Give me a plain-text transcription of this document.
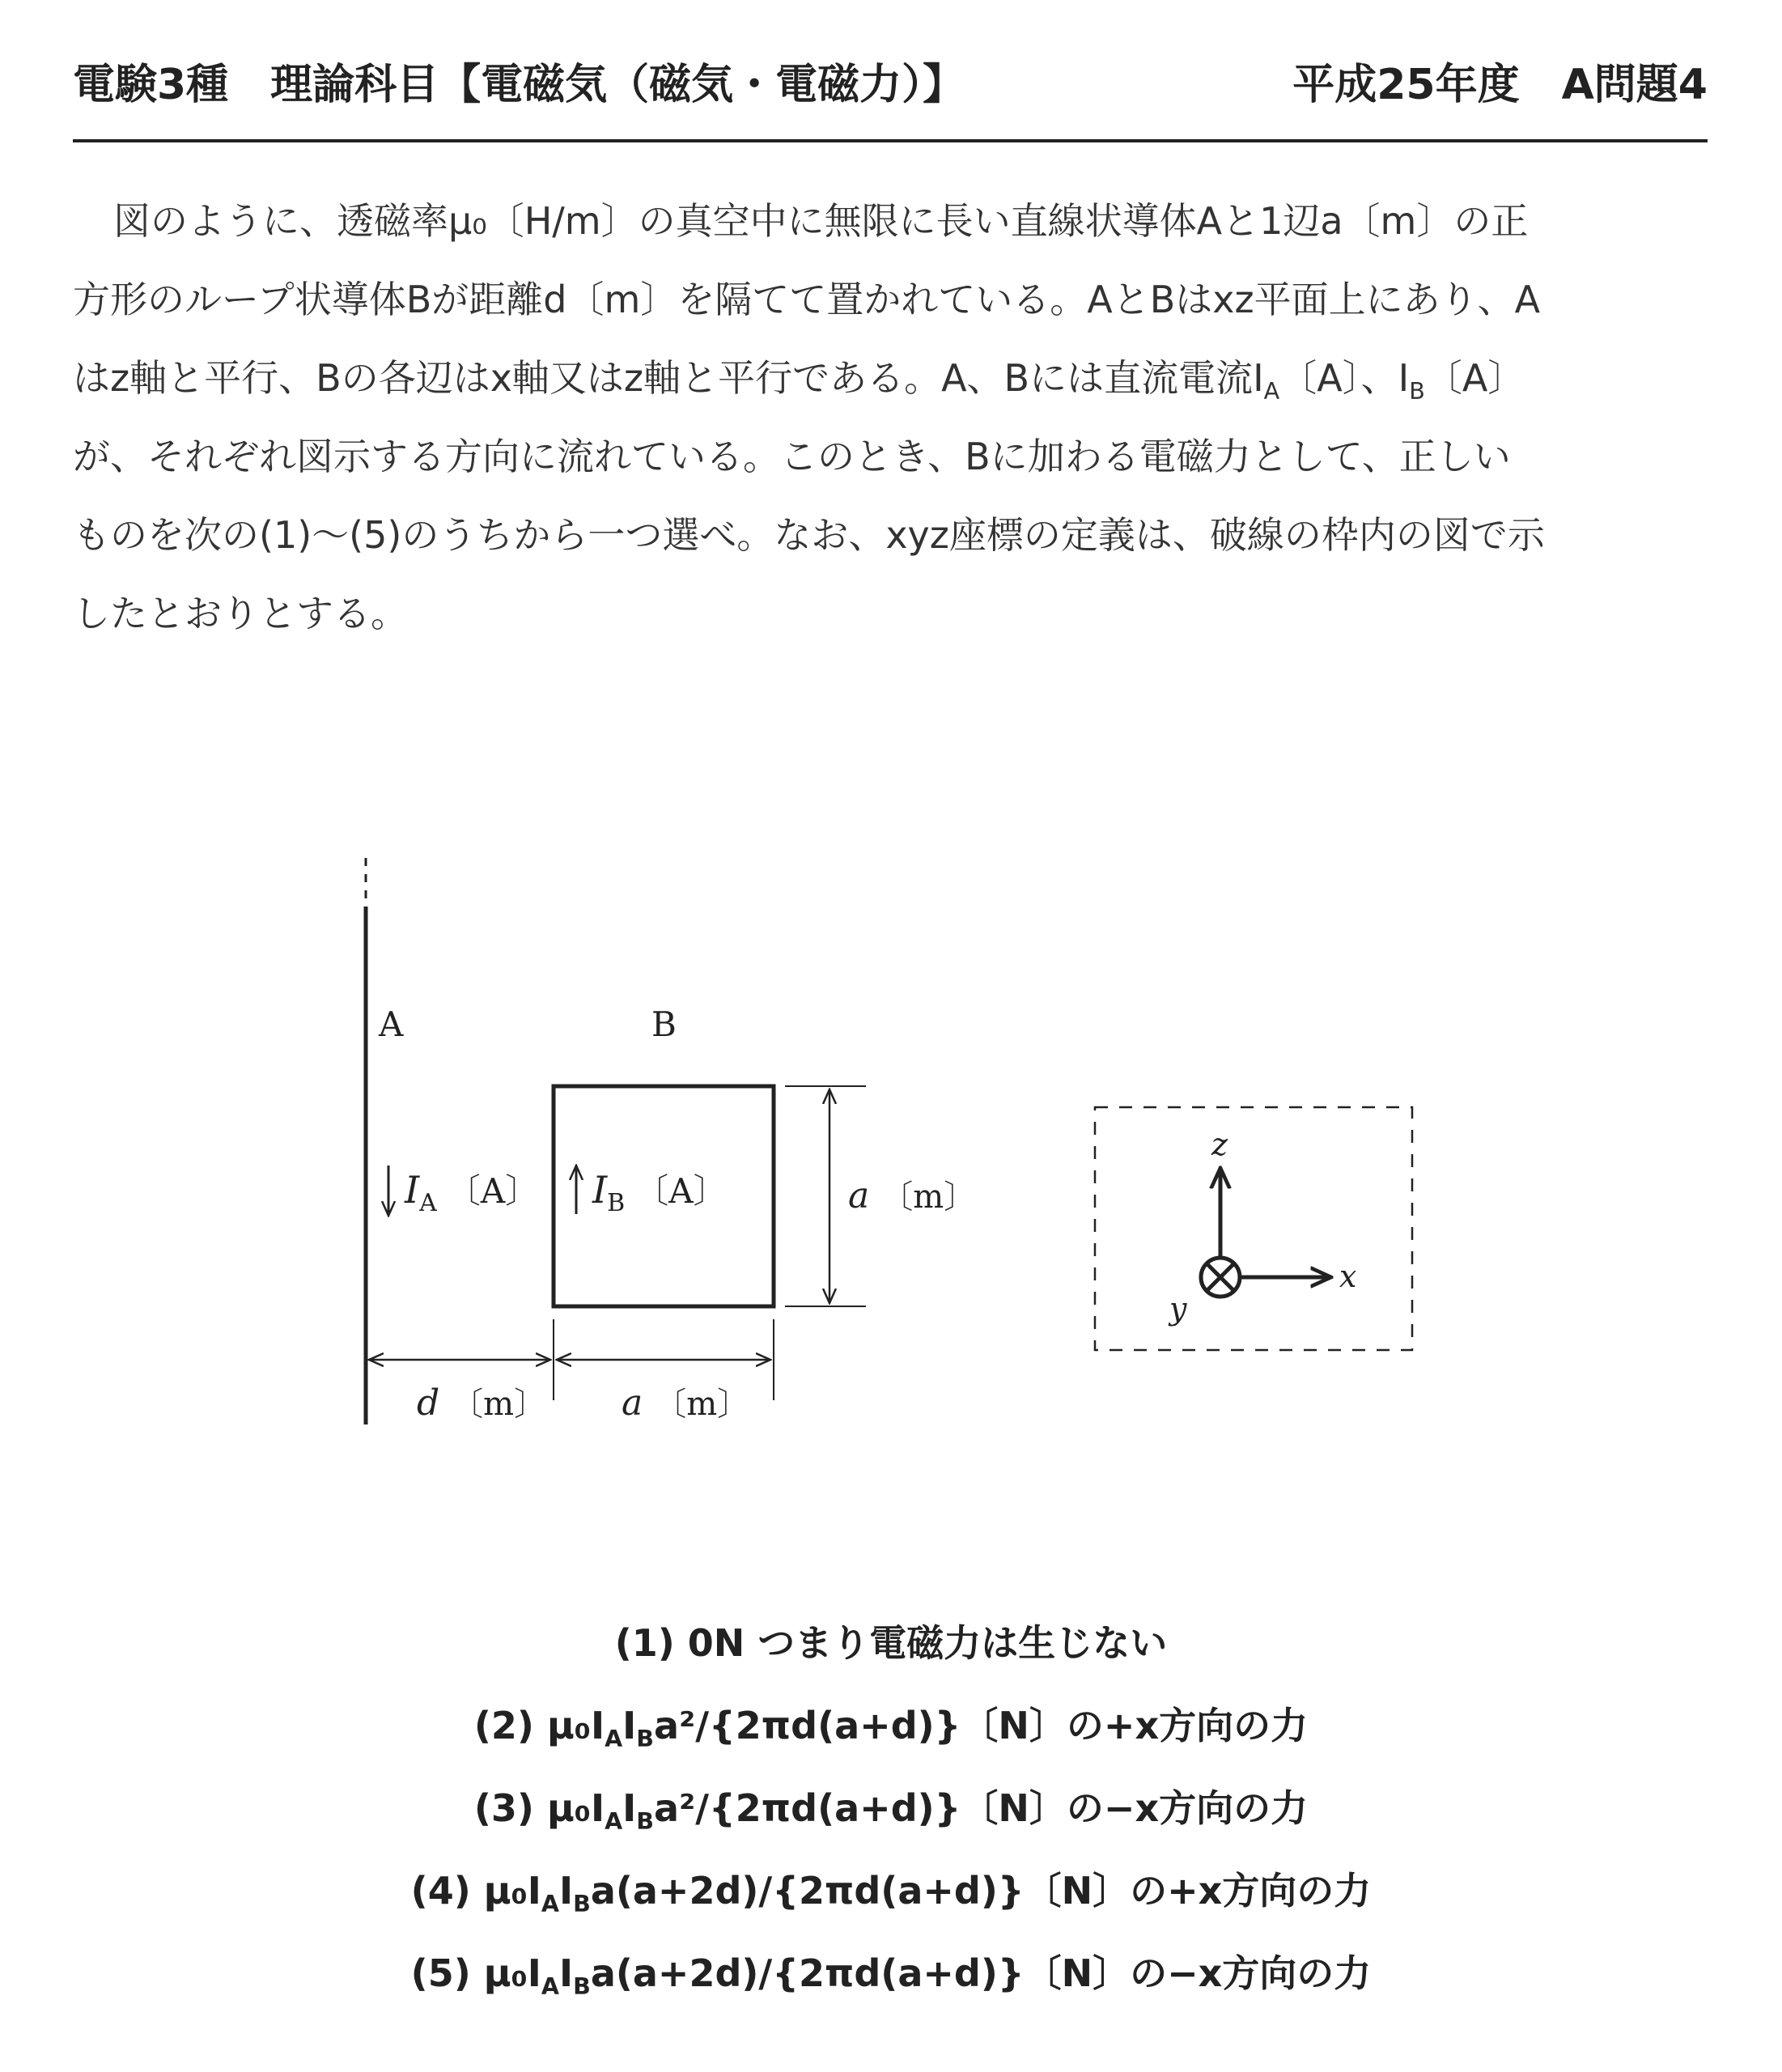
電験3種　理論科目【電磁気（磁気・電磁力）】	平成25年度　A問題4

図のように、透磁率μ₀〔H/m〕の真空中に無限に長い直線状導体Aと1辺a〔m〕の正

方形のループ状導体Bが距離d〔m〕を隔てて置かれている。AとBはxz平面上にあり、A

はz軸と平行、Bの各辺はx軸又はz軸と平行である。A、Bには直流電流$I_A$〔A〕、$I_B$〔A〕

が、それぞれ図示する方向に流れている。このとき、Bに加わる電磁力として、正しい

ものを次の(1)〜(5)のうちから一つ選べ。なお、xyz座標の定義は、破線の枠内の図で示

したとおりとする。

A
$I_A$ 〔A〕
B
$I_B$ 〔A〕	a 〔m〕
d 〔m〕 a 〔m〕
z
x
y
(1) 0N つまり電磁力は生じない
(2) $\mu_0I_AI_Ba^2/\{2\pi d(a+d)\}$〔N〕の+x方向の力
(3) $\mu_0I_AI_Ba^2/\{2\pi d(a+d)\}$〔N〕の−x方向の力
(4) $\mu_0I_AI_Ba(a+2d)/\{2\pi d(a+d)\}$〔N〕の+x方向の力
(5) $\mu_0I_AI_Ba(a+2d)/\{2\pi d(a+d)\}$〔N〕の−x方向の力
